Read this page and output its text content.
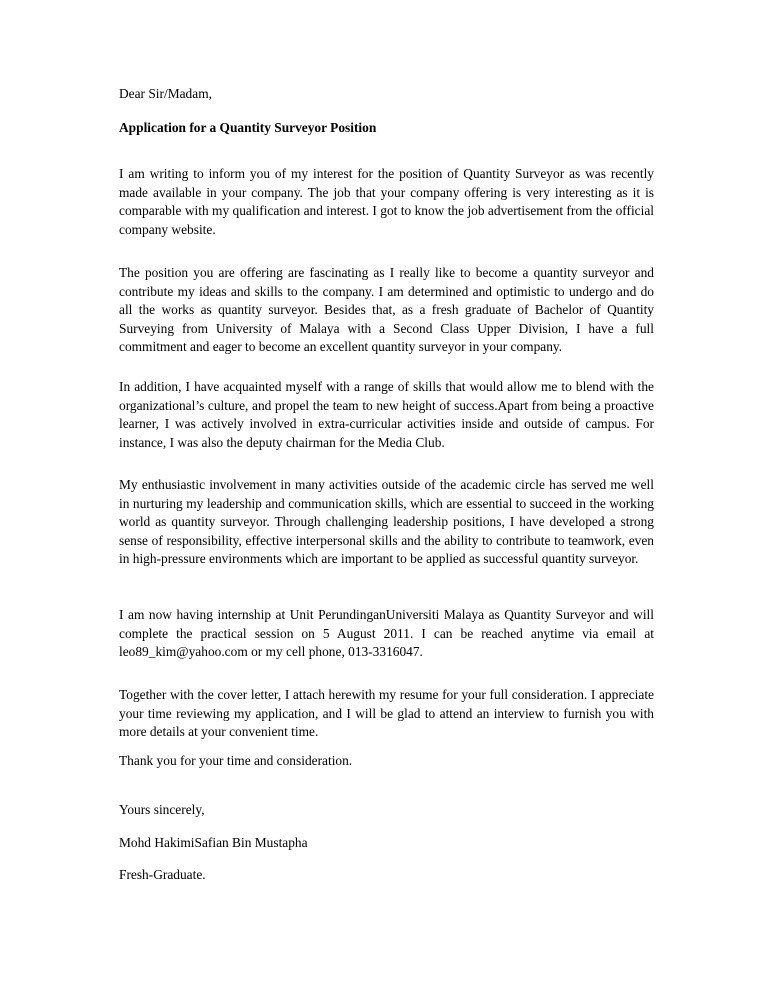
Dear Sir/Madam,

Application for a Quantity Surveyor Position

I am writing to inform you of my interest for the position of Quantity Surveyor as was recently made available in your company. The job that your company offering is very interesting as it is comparable with my qualification and interest. I got to know the job advertisement from the official company website.

The position you are offering are fascinating as I really like to become a quantity surveyor and contribute my ideas and skills to the company. I am determined and optimistic to undergo and do all the works as quantity surveyor. Besides that, as a fresh graduate of Bachelor of Quantity Surveying from University of Malaya with a Second Class Upper Division, I have a full commitment and eager to become an excellent quantity surveyor in your company.

In addition, I have acquainted myself with a range of skills that would allow me to blend with the organizational’s culture, and propel the team to new height of success.Apart from being a proactive learner, I was actively involved in extra-curricular activities inside and outside of campus. For instance, I was also the deputy chairman for the Media Club.

My enthusiastic involvement in many activities outside of the academic circle has served me well in nurturing my leadership and communication skills, which are essential to succeed in the working world as quantity surveyor. Through challenging leadership positions, I have developed a strong sense of responsibility, effective interpersonal skills and the ability to contribute to teamwork, even in high-pressure environments which are important to be applied as successful quantity surveyor.

I am now having internship at Unit PerundinganUniversiti Malaya as Quantity Surveyor and will complete the practical session on 5 August 2011. I can be reached anytime via email at leo89_kim@yahoo.com or my cell phone, 013-3316047.

Together with the cover letter, I attach herewith my resume for your full consideration. I appreciate your time reviewing my application, and I will be glad to attend an interview to furnish you with more details at your convenient time.

Thank you for your time and consideration.

Yours sincerely,

Mohd HakimiSafian Bin Mustapha

Fresh-Graduate.
